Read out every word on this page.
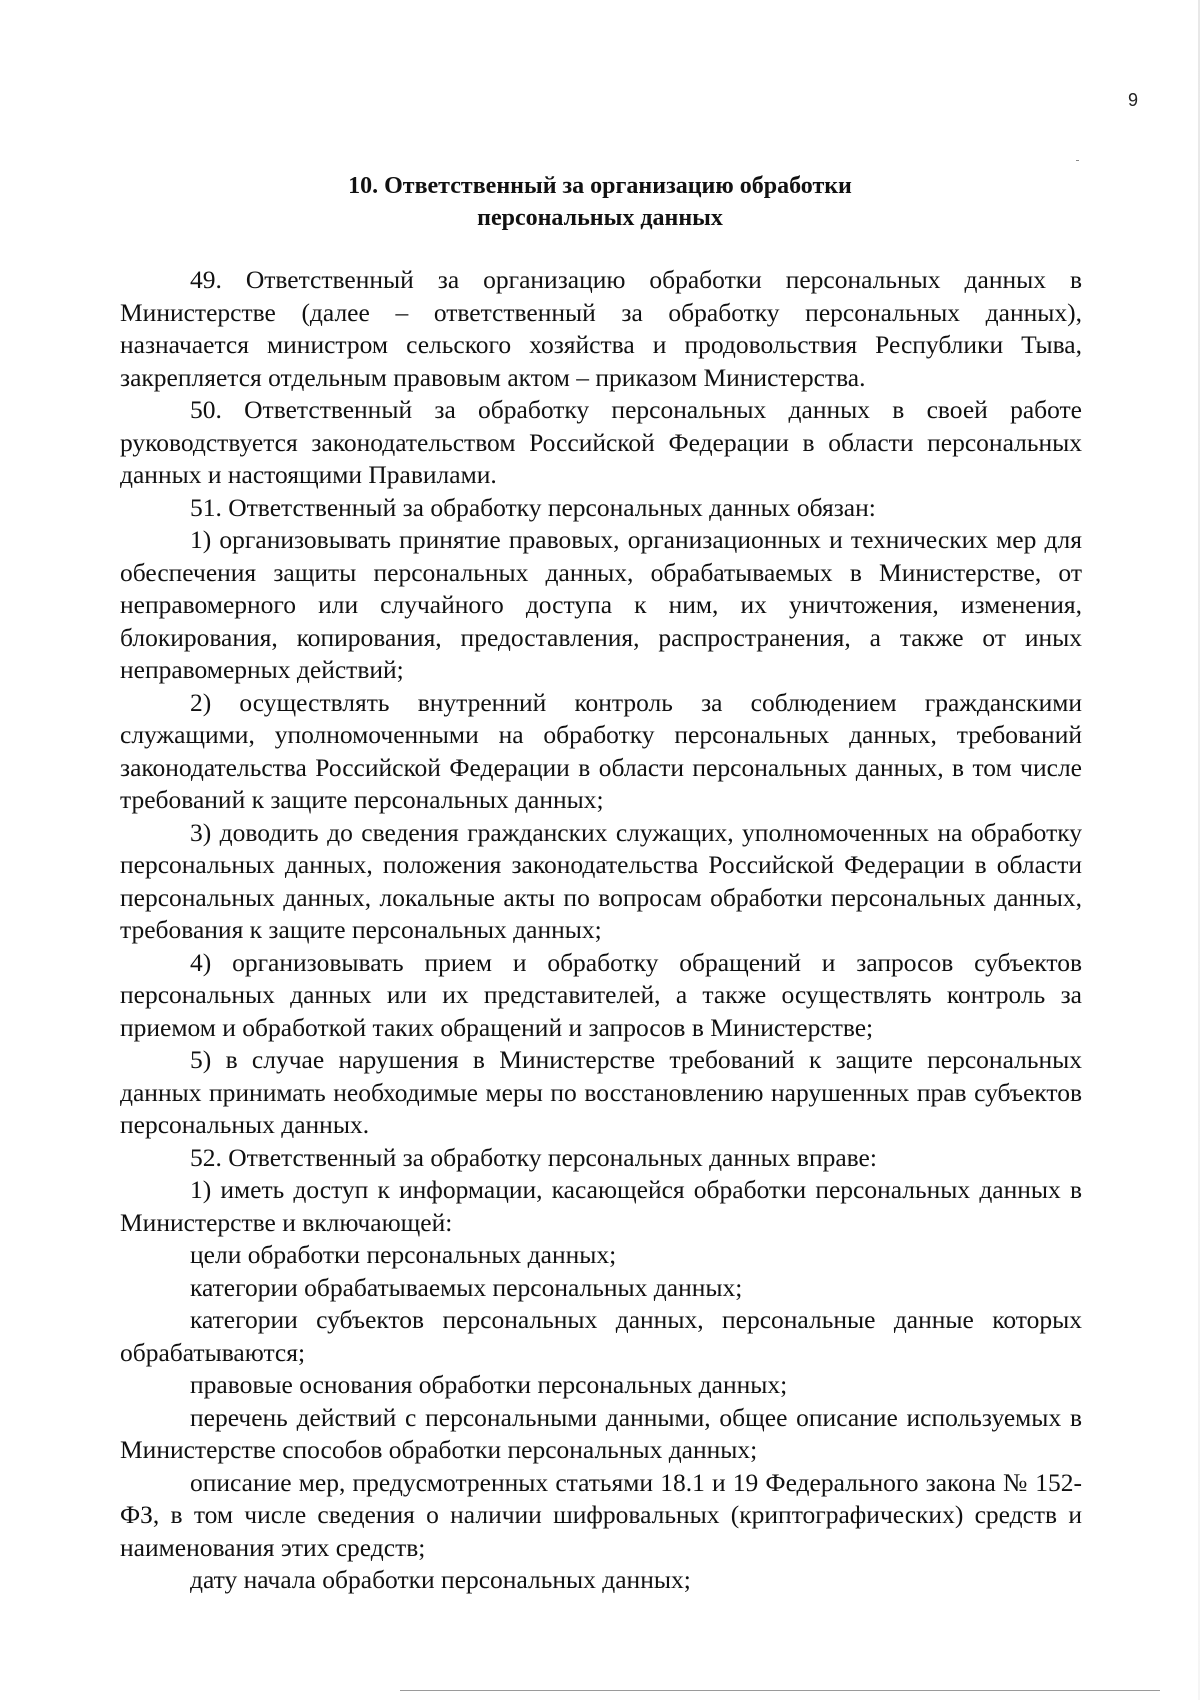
9
10. Ответственный за организацию обработки
персональных данных

49. Ответственный за организацию обработки персональных данных в Министерстве (далее – ответственный за обработку персональных данных), назначается министром сельского хозяйства и продовольствия Республики Тыва, закрепляется отдельным правовым актом – приказом Министерства.

50. Ответственный за обработку персональных данных в своей работе руководствуется законодательством Российской Федерации в области персональных данных и настоящими Правилами.

51. Ответственный за обработку персональных данных обязан:

1) организовывать принятие правовых, организационных и технических мер для обеспечения защиты персональных данных, обрабатываемых в Министерстве, от неправомерного или случайного доступа к ним, их уничтожения, изменения, блокирования, копирования, предоставления, распространения, а также от иных неправомерных действий;

2) осуществлять внутренний контроль за соблюдением гражданскими служащими, уполномоченными на обработку персональных данных, требований законодательства Российской Федерации в области персональных данных, в том числе требований к защите персональных данных;

3) доводить до сведения гражданских служащих, уполномоченных на обработку персональных данных, положения законодательства Российской Федерации в области персональных данных, локальные акты по вопросам обработки персональных данных, требования к защите персональных данных;

4) организовывать прием и обработку обращений и запросов субъектов персональных данных или их представителей, а также осуществлять контроль за приемом и обработкой таких обращений и запросов в Министерстве;

5) в случае нарушения в Министерстве требований к защите персональных данных принимать необходимые меры по восстановлению нарушенных прав субъектов персональных данных.

52. Ответственный за обработку персональных данных вправе:

1) иметь доступ к информации, касающейся обработки персональных данных в Министерстве и включающей:

цели обработки персональных данных;

категории обрабатываемых персональных данных;

категории субъектов персональных данных, персональные данные которых обрабатываются;

правовые основания обработки персональных данных;

перечень действий с персональными данными, общее описание используемых в Министерстве способов обработки персональных данных;

описание мер, предусмотренных статьями 18.1 и 19 Федерального закона № 152-ФЗ, в том числе сведения о наличии шифровальных (криптографических) средств и наименования этих средств;

дату начала обработки персональных данных;
